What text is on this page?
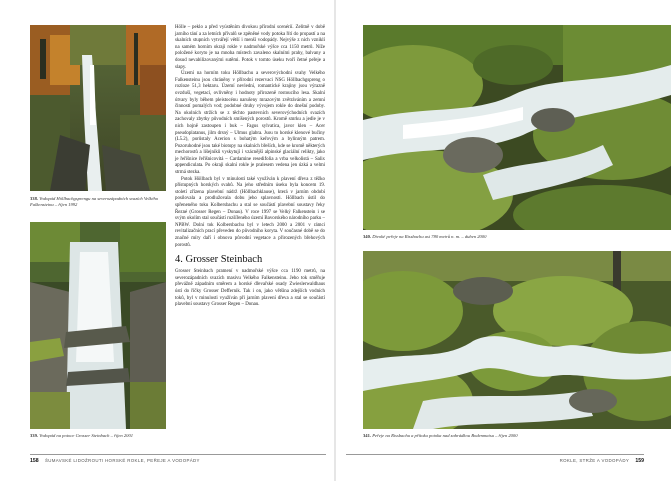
338. Vodopád Höllbachgsprengu na severozápadních svazích Velkého Falkensteinu – říjen 1992
339. Vodopád na potoce Grosser Steinbach – říjen 2001

Hölle – peklo a před vyústěním divokou přírodní scenérií. Zelitně v době jarního tání a za letních přívalů se zpěněné vody potoka řítí do propastí a na skalních stupních vytvářejí větší i menší vodopády. Nejvýše z nich vzniklí na samém horním okraji rokle v nadmořské výšce cca 1150 metrů. Níže položené koryto je na mnoha místech zavaleno skalními prahy, balvany a dosud nevabilizovanými sutěmi. Potok v tomto úseku tvoří četné peřeje a slapy.

Území na horním toku Höllbachu a severovýchodní svahy Velkého Falkensteinu jsou chráněny v přírodní rezervaci NSG Höllbachgspreng o rozloze 51,3 hektaru. Území nevlední, romantické krajiny jsou výrazně ovzduší, vegetací, ovlivněny i hodnoty přirozeně rostoucího lesa. Skalní útvary byly během pleistocénu narušeny mrazovým zvětráváním a zemní činností pomalých vod; podobné druhy vývojem rokle do dnešní podoby. Na okolních stržích se z těchto pastevních severovýchodních svazích zachovaly zbytky původních smíšených porostů. Kromě smrku a jedle je v nich hojně zastoupen i buk – Fagus sylvatica, javor klen – Acer pseudoplatanus, jilm drsný – Ulmus glabra. Jsou to horské klenové bučiny (L5.2), porůstaly Acerion s bohatým keřovým a bylinným patrem. Pozoruhodné jsou také biotopy na skalních břeších, kde se kromě některých mechorostů a lišejníků vyskytují i vzácnější alpinské glaciální relikty, jako je řeřišnice řeřišnicovitá – Cardamine resedifolia a vrba velkolistá – Salix appendiculata. Po okraji skalní rokle je pralesem vedena jen úzká a velmi strmá stezka.

Potok Höllbach byl v minulosti také využíván k plavení dřeva z těžko přístupných horských svahů. Na jeho středním úseku byla koncem 19. století zřízena plavební nádrž (Höllbachklause), která v jarním období posilovala a prodlužovala dobu jeho splavnosti. Höllbach ústil do spřeneného toku Kolbersbachu a stal se součástí plavební soustavy řeky Řezné (Grosser Regen – Donau). V roce 1997 se Velký Falkenstein i se svým okolím stal součástí rozšířeného území Bavorského národního parku – NPBW. Dolní tok Kolbersbachu byl v letech 2000 a 2001 v rámci revitalizačních prací převeden do původního koryta. V současné době se do značné míry daří i obnova původní vegetace a přirozených břehových porostů.

4. Grosser Steinbach

Grosser Steinbach pramení v nadmořské výšce cca 1190 metrů, na severozápadních svazích masivu Velkého Falkensteinu. Jeho tok směřuje převážně západním směrem a horské dřevařské osady Zwieslerwaldhaus ústí do říčky Grosser Deffernik. Tak i on, jako většina zdejších vodních toků, byl v minulosti využíván při jarním plavení dřeva a stal se součástí plavební soustavy Grosser Regen – Donau.

158 ŠUMAVSKÉ LIDOŽROUTI HORSKÉ ROKLE, PEŘEJE A VODOPÁDY
340. Divoké peřeje na Rissbachu asi 780 metrů n. m. – duben 2000
341. Peřeje na Rissbachu a přítoku potoka nad zahrádkou Bodenmaisu – říjen 2000
ROKLE, STRŽE A VODOPÁDY 159
